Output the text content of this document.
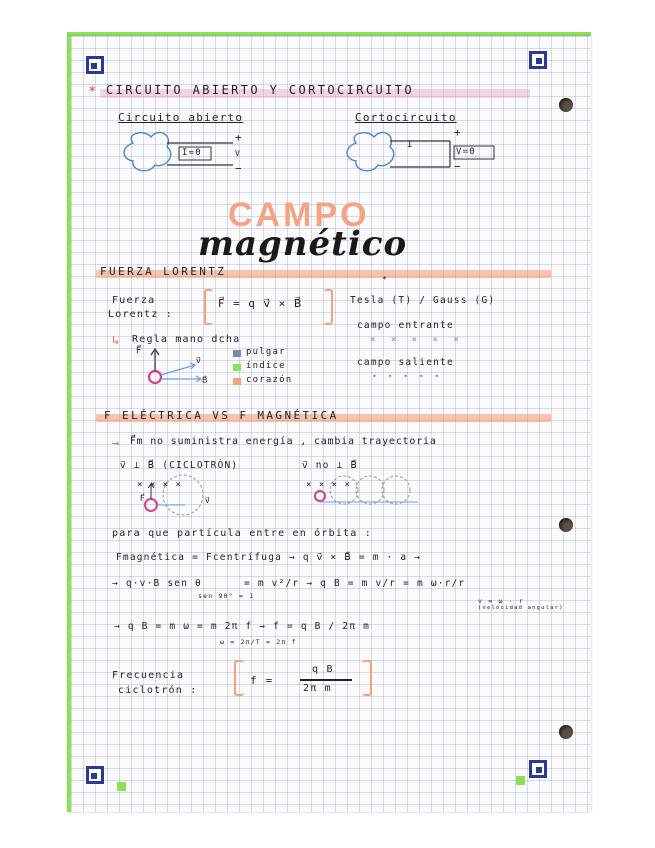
* CIRCUITO ABIERTO Y CORTOCIRCUITO
Circuito abierto
I=0
+
V
−
Cortocircuito
I
V=0
+
−
CAMPO
magnético
FUERZA LORENTZ
*
Fuerza
Lorentz :
F⃗ = q v⃗ × B⃗	Tesla (T) / Gauss (G)
campo entrante
× × × × ×
campo saliente
• • • • •
↳ Regla mano dcha
F⃗
v⃗
B⃗
pulgar
índice
corazón
F ELÉCTRICA VS F MAGNÉTICA
→ F⃗m no suministra energía , cambia trayectoria
v⃗ ⊥ B⃗ (CICLOTRÓN)	v⃗ no ⊥ B⃗
× × × ×
F⃗	v⃗
× × × ×
para que partícula entre en órbita :
Fmagnética = Fcentrífuga → q v⃗ × B⃗ = m · a →
→ q·v·B sen θ
sen 90° = 1
= m v²/r → q B = m v/r = m ω·r/r
v = ω · r
(velocidad angular)
→ q B = m ω = m 2π f → f = q B / 2π m
ω = 2π/T = 2π f
Frecuencia
ciclotrón :
f =
q B
2π m
